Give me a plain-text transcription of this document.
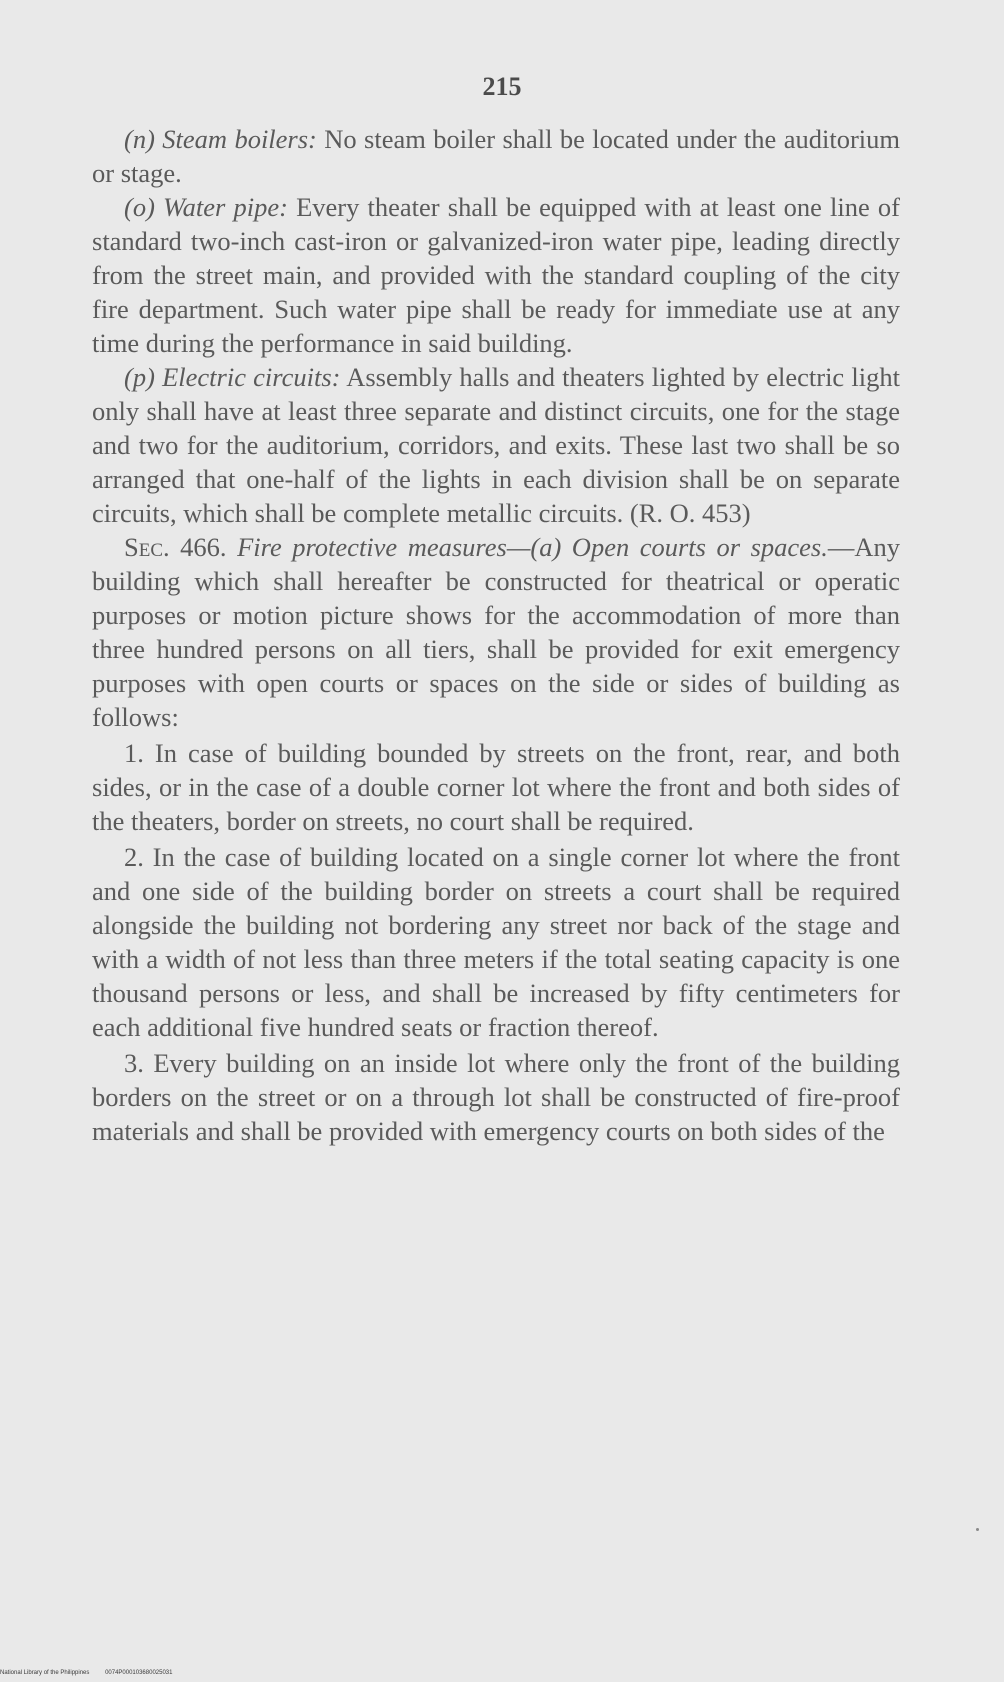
215

(n) Steam boilers: No steam boiler shall be located under the auditorium or stage.

(o) Water pipe: Every theater shall be equipped with at least one line of standard two-inch cast-iron or galvanized-iron water pipe, leading directly from the street main, and provided with the standard coupling of the city fire department. Such water pipe shall be ready for immediate use at any time during the performance in said building.

(p) Electric circuits: Assembly halls and theaters lighted by electric light only shall have at least three separate and distinct circuits, one for the stage and two for the auditorium, corridors, and exits. These last two shall be so arranged that one-half of the lights in each division shall be on separate circuits, which shall be complete metallic circuits. (R. O. 453)

Sec. 466. Fire protective measures—(a) Open courts or spaces.—Any building which shall hereafter be constructed for theatrical or operatic purposes or motion picture shows for the accommodation of more than three hundred persons on all tiers, shall be provided for exit emergency purposes with open courts or spaces on the side or sides of building as follows:

1. In case of building bounded by streets on the front, rear, and both sides, or in the case of a double corner lot where the front and both sides of the theaters, border on streets, no court shall be required.

2. In the case of building located on a single corner lot where the front and one side of the building border on streets a court shall be required alongside the building not bordering any street nor back of the stage and with a width of not less than three meters if the total seating capacity is one thousand persons or less, and shall be increased by fifty centimeters for each additional five hundred seats or fraction thereof.

3. Every building on an inside lot where only the front of the building borders on the street or on a through lot shall be constructed of fire-proof materials and shall be provided with emergency courts on both sides of the

National Library of the Philippines	0074P000103680025031
